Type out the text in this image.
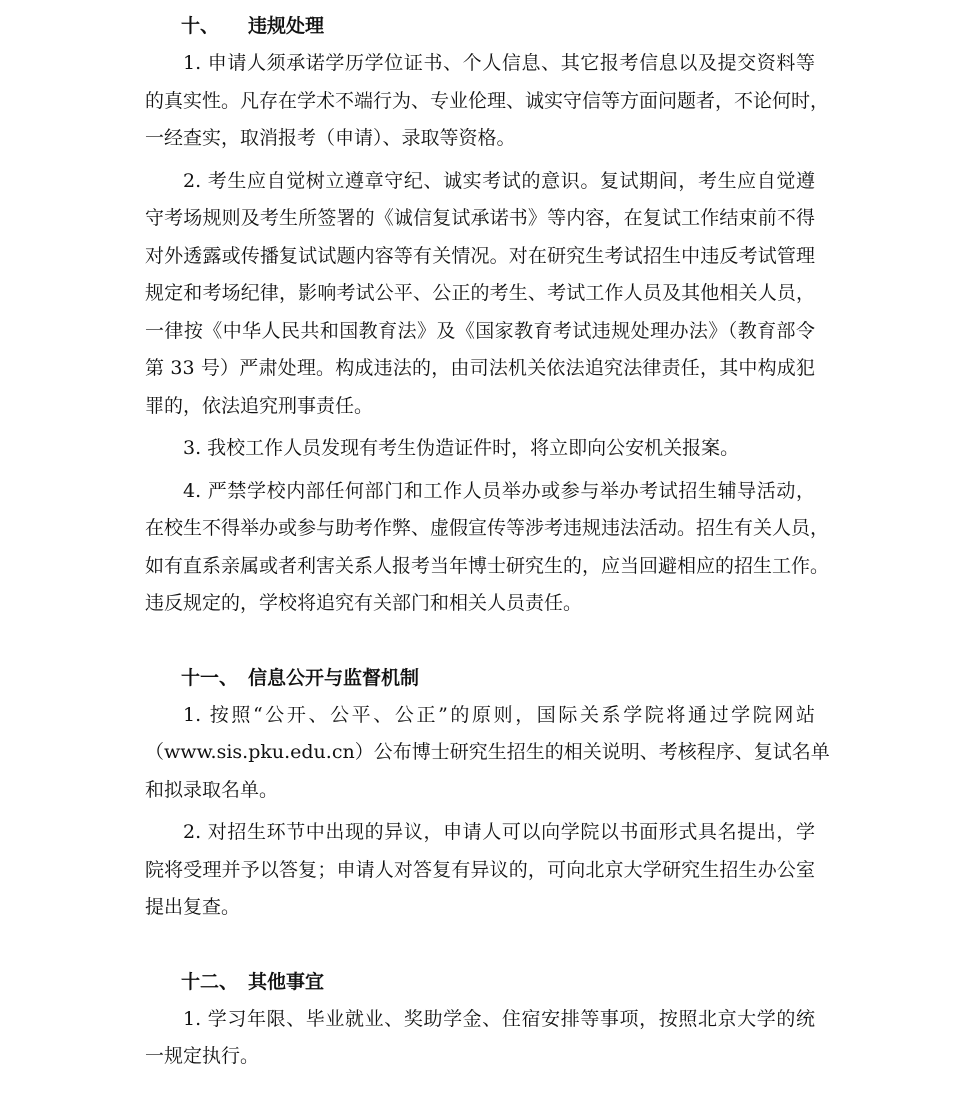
十、 违规处理
1. 申请人须承诺学历学位证书、个人信息、其它报考信息以及提交资料等
的真实性。凡存在学术不端行为、专业伦理、诚实守信等方面问题者，不论何时，
一经查实，取消报考（申请）、录取等资格。
2. 考生应自觉树立遵章守纪、诚实考试的意识。复试期间，考生应自觉遵
守考场规则及考生所签署的《诚信复试承诺书》等内容，在复试工作结束前不得
对外透露或传播复试试题内容等有关情况。对在研究生考试招生中违反考试管理
规定和考场纪律，影响考试公平、公正的考生、考试工作人员及其他相关人员，
一律按《中华人民共和国教育法》及《国家教育考试违规处理办法》（教育部令
第 33 号）严肃处理。构成违法的，由司法机关依法追究法律责任，其中构成犯
罪的，依法追究刑事责任。
3. 我校工作人员发现有考生伪造证件时，将立即向公安机关报案。
4. 严禁学校内部任何部门和工作人员举办或参与举办考试招生辅导活动，
在校生不得举办或参与助考作弊、虚假宣传等涉考违规违法活动。招生有关人员，
如有直系亲属或者利害关系人报考当年博士研究生的，应当回避相应的招生工作。
违反规定的，学校将追究有关部门和相关人员责任。
十一、 信息公开与监督机制
1. 按照“公开、公平、公正”的原则，国际关系学院将通过学院网站
（www.sis.pku.edu.cn）公布博士研究生招生的相关说明、考核程序、复试名单
和拟录取名单。
2. 对招生环节中出现的异议，申请人可以向学院以书面形式具名提出，学
院将受理并予以答复；申请人对答复有异议的，可向北京大学研究生招生办公室
提出复查。
十二、 其他事宜
1. 学习年限、毕业就业、奖助学金、住宿安排等事项，按照北京大学的统
一规定执行。
